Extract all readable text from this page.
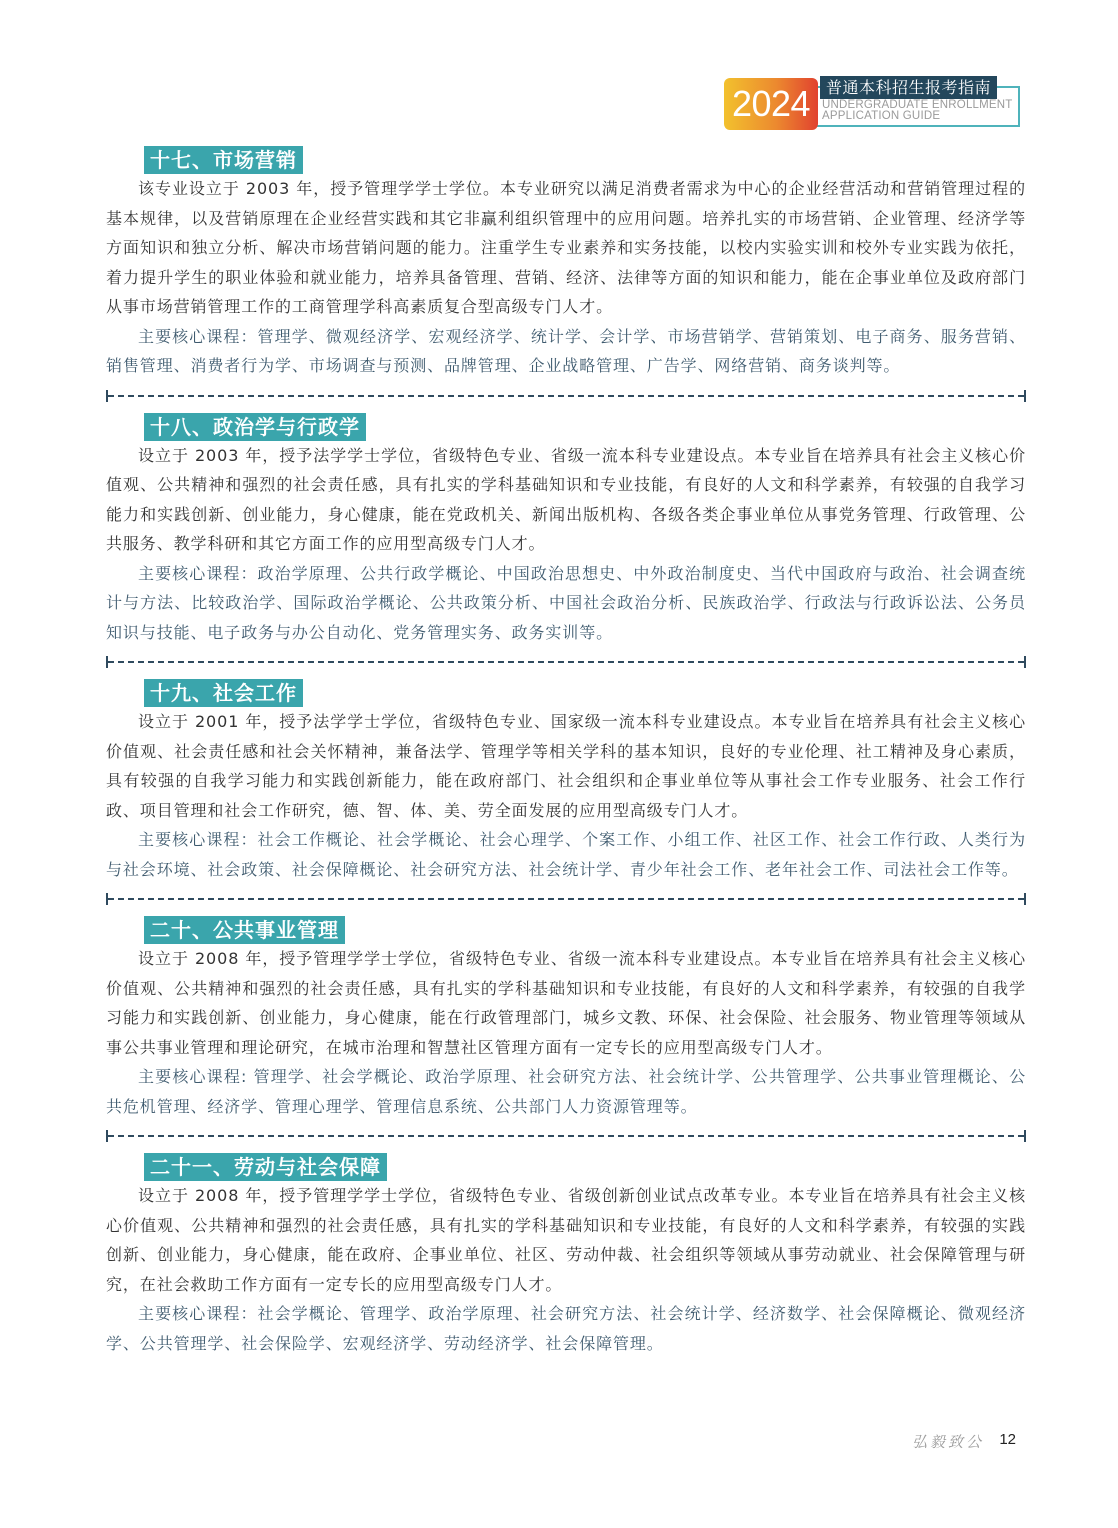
2024 普通本科招生报考指南
UNDERGRADUATE ENROLLMENT
APPLICATION GUIDE
十七、市场营销

该专业设立于 2003 年，授予管理学学士学位。本专业研究以满足消费者需求为中心的企业经营活动和营销管理过程的基本规律，以及营销原理在企业经营实践和其它非赢利组织管理中的应用问题。培养扎实的市场营销、企业管理、经济学等方面知识和独立分析、解决市场营销问题的能力。注重学生专业素养和实务技能，以校内实验实训和校外专业实践为依托，着力提升学生的职业体验和就业能力，培养具备管理、营销、经济、法律等方面的知识和能力，能在企事业单位及政府部门从事市场营销管理工作的工商管理学科高素质复合型高级专门人才。

主要核心课程：管理学、微观经济学、宏观经济学、统计学、会计学、市场营销学、营销策划、电子商务、服务营销、销售管理、消费者行为学、市场调查与预测、品牌管理、企业战略管理、广告学、网络营销、商务谈判等。

十八、政治学与行政学

设立于 2003 年，授予法学学士学位，省级特色专业、省级一流本科专业建设点。本专业旨在培养具有社会主义核心价值观、公共精神和强烈的社会责任感，具有扎实的学科基础知识和专业技能，有良好的人文和科学素养，有较强的自我学习能力和实践创新、创业能力，身心健康，能在党政机关、新闻出版机构、各级各类企事业单位从事党务管理、行政管理、公共服务、教学科研和其它方面工作的应用型高级专门人才。

主要核心课程：政治学原理、公共行政学概论、中国政治思想史、中外政治制度史、当代中国政府与政治、社会调查统计与方法、比较政治学、国际政治学概论、公共政策分析、中国社会政治分析、民族政治学、行政法与行政诉讼法、公务员知识与技能、电子政务与办公自动化、党务管理实务、政务实训等。

十九、社会工作

设立于 2001 年，授予法学学士学位，省级特色专业、国家级一流本科专业建设点。本专业旨在培养具有社会主义核心价值观、社会责任感和社会关怀精神，兼备法学、管理学等相关学科的基本知识，良好的专业伦理、社工精神及身心素质，具有较强的自我学习能力和实践创新能力，能在政府部门、社会组织和企事业单位等从事社会工作专业服务、社会工作行政、项目管理和社会工作研究，德、智、体、美、劳全面发展的应用型高级专门人才。

主要核心课程：社会工作概论、社会学概论、社会心理学、个案工作、小组工作、社区工作、社会工作行政、人类行为与社会环境、社会政策、社会保障概论、社会研究方法、社会统计学、青少年社会工作、老年社会工作、司法社会工作等。

二十、公共事业管理

设立于 2008 年，授予管理学学士学位，省级特色专业、省级一流本科专业建设点。本专业旨在培养具有社会主义核心价值观、公共精神和强烈的社会责任感，具有扎实的学科基础知识和专业技能，有良好的人文和科学素养，有较强的自我学习能力和实践创新、创业能力，身心健康，能在行政管理部门，城乡文教、环保、社会保险、社会服务、物业管理等领域从事公共事业管理和理论研究，在城市治理和智慧社区管理方面有一定专长的应用型高级专门人才。

主要核心课程: 管理学、社会学概论、政治学原理、社会研究方法、社会统计学、公共管理学、公共事业管理概论、公共危机管理、经济学、管理心理学、管理信息系统、公共部门人力资源管理等。

二十一、劳动与社会保障

设立于 2008 年，授予管理学学士学位，省级特色专业、省级创新创业试点改革专业。本专业旨在培养具有社会主义核心价值观、公共精神和强烈的社会责任感，具有扎实的学科基础知识和专业技能，有良好的人文和科学素养，有较强的实践创新、创业能力，身心健康，能在政府、企事业单位、社区、劳动仲裁、社会组织等领域从事劳动就业、社会保障管理与研究，在社会救助工作方面有一定专长的应用型高级专门人才。

主要核心课程：社会学概论、管理学、政治学原理、社会研究方法、社会统计学、经济数学、社会保障概论、微观经济学、公共管理学、社会保险学、宏观经济学、劳动经济学、社会保障管理。

弘毅致公 12
